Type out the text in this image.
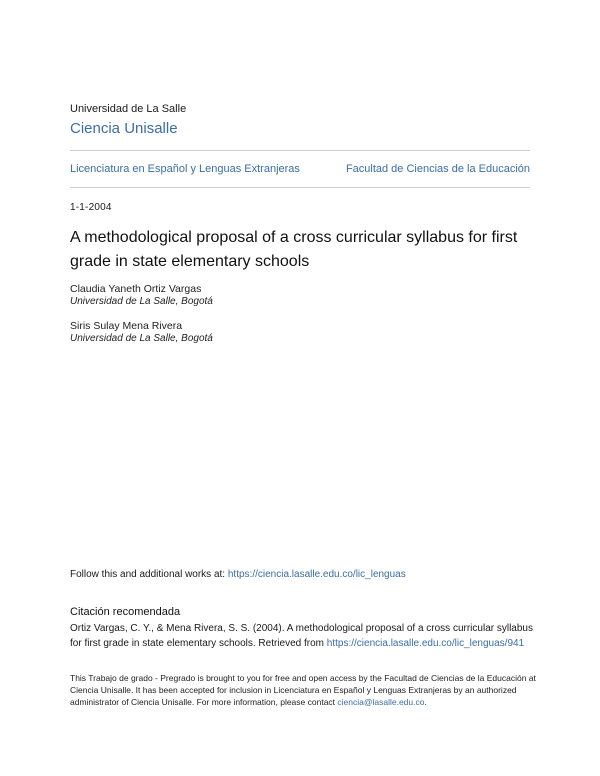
Universidad de La Salle
Ciencia Unisalle
Licenciatura en Español y Lenguas Extranjeras	Facultad de Ciencias de la Educación
1-1-2004
A methodological proposal of a cross curricular syllabus for first grade in state elementary schools
Claudia Yaneth Ortiz Vargas
Universidad de La Salle, Bogotá
Siris Sulay Mena Rivera
Universidad de La Salle, Bogotá
Follow this and additional works at: https://ciencia.lasalle.edu.co/lic_lenguas
Citación recomendada
Ortiz Vargas, C. Y., & Mena Rivera, S. S. (2004). A methodological proposal of a cross curricular syllabus for first grade in state elementary schools. Retrieved from https://ciencia.lasalle.edu.co/lic_lenguas/941
This Trabajo de grado - Pregrado is brought to you for free and open access by the Facultad de Ciencias de la Educación at Ciencia Unisalle. It has been accepted for inclusion in Licenciatura en Español y Lenguas Extranjeras by an authorized administrator of Ciencia Unisalle. For more information, please contact ciencia@lasalle.edu.co.
